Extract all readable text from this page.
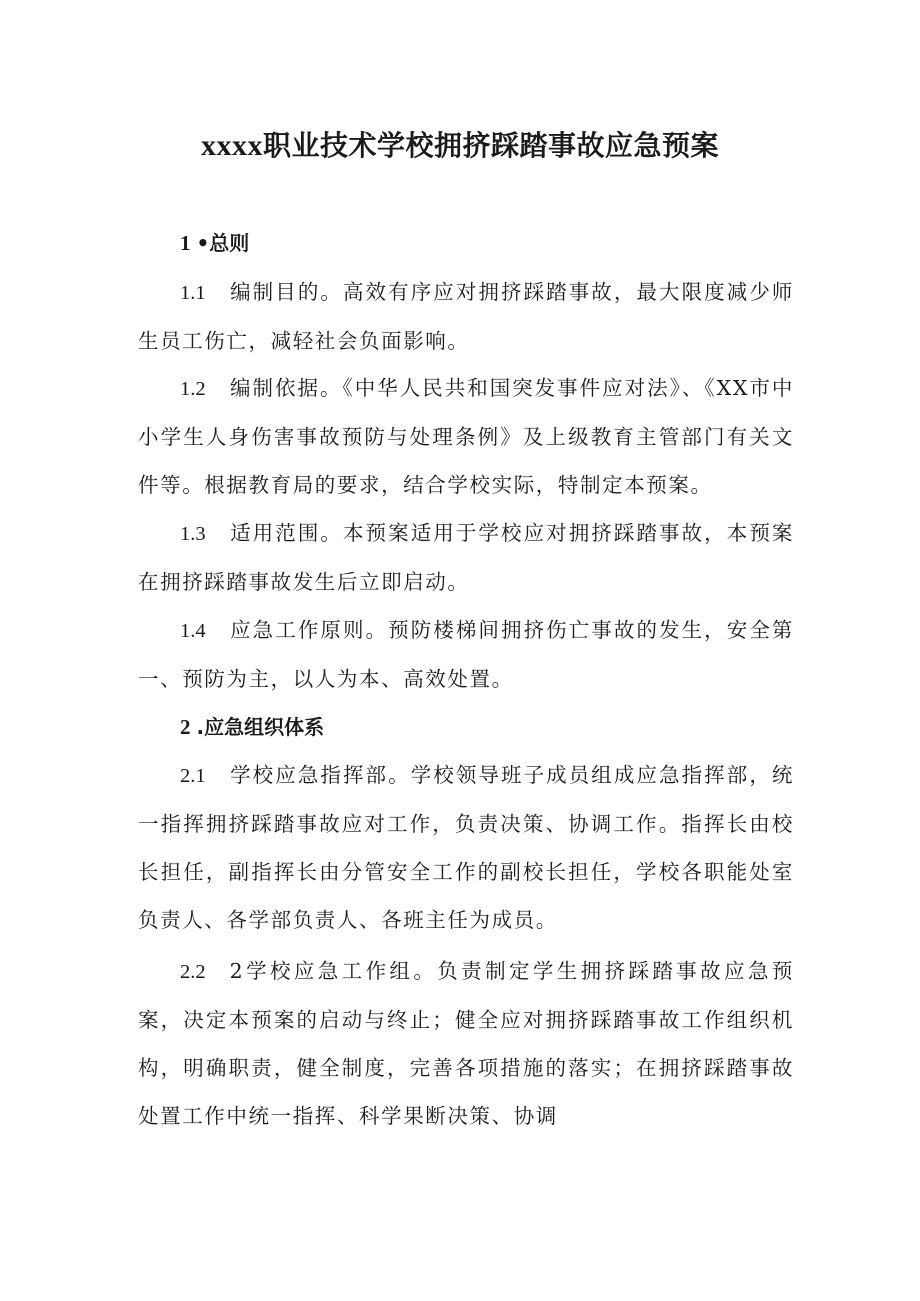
xxxx职业技术学校拥挤踩踏事故应急预案
1 •总则

1.1 编制目的。高效有序应对拥挤踩踏事故，最大限度减少师生员工伤亡，减轻社会负面影响。

1.2 编制依据。《中华人民共和国突发事件应对法》、《XX市中小学生人身伤害事故预防与处理条例》及上级教育主管部门有关文件等。根据教育局的要求，结合学校实际，特制定本预案。

1.3 适用范围。本预案适用于学校应对拥挤踩踏事故，本预案在拥挤踩踏事故发生后立即启动。

1.4 应急工作原则。预防楼梯间拥挤伤亡事故的发生，安全第一、预防为主，以人为本、高效处置。

2 .应急组织体系

2.1 学校应急指挥部。学校领导班子成员组成应急指挥部，统一指挥拥挤踩踏事故应对工作，负责决策、协调工作。指挥长由校长担任，副指挥长由分管安全工作的副校长担任，学校各职能处室负责人、各学部负责人、各班主任为成员。

2.2 2学校应急工作组。负责制定学生拥挤踩踏事故应急预案，决定本预案的启动与终止；健全应对拥挤踩踏事故工作组织机构，明确职责，健全制度，完善各项措施的落实；在拥挤踩踏事故处置工作中统一指挥、科学果断决策、协调
